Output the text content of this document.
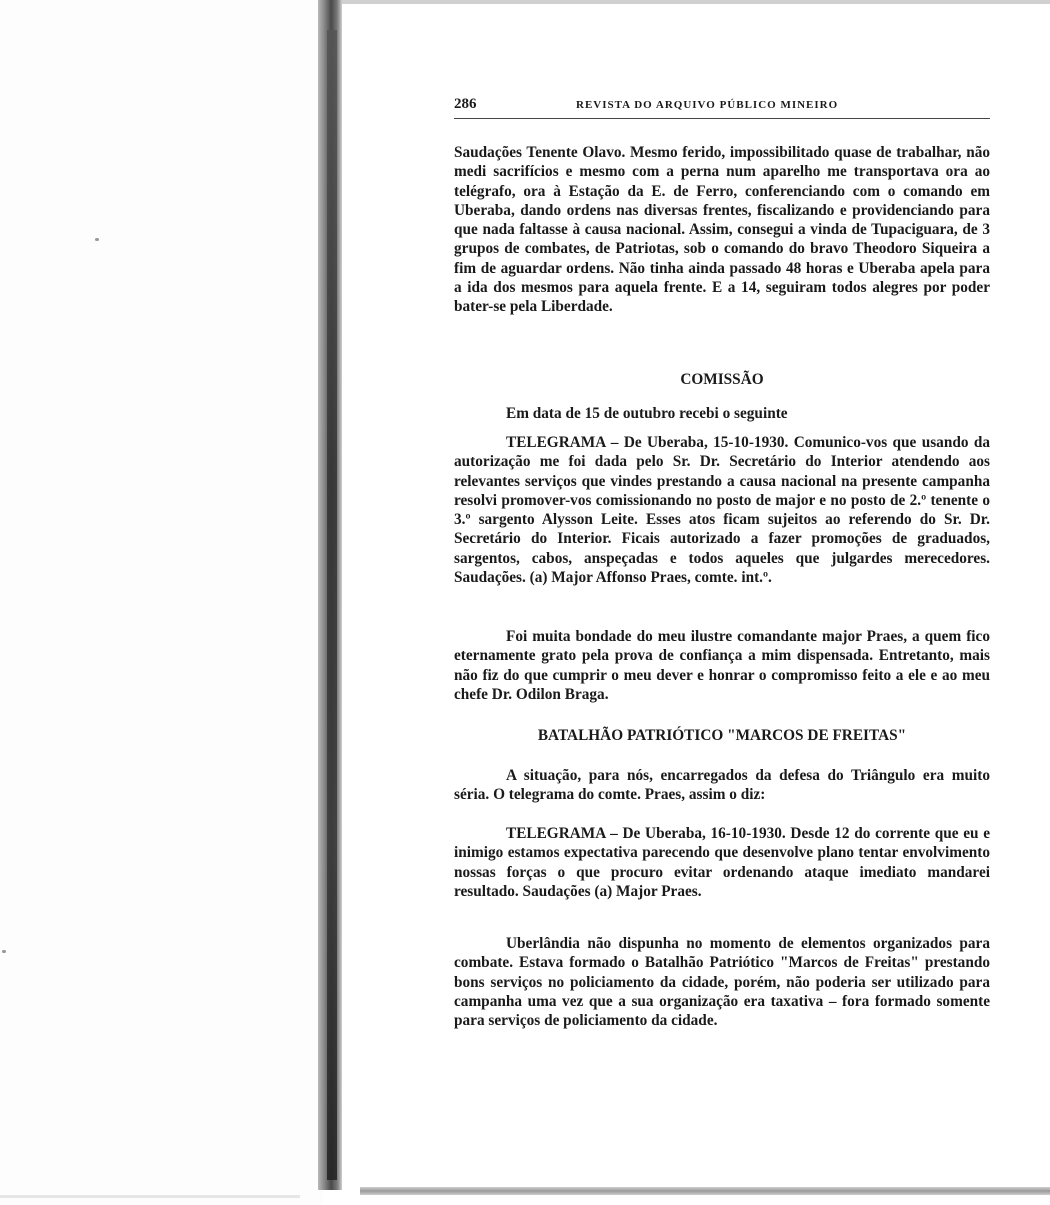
286	REVISTA DO ARQUIVO PÚBLICO MINEIRO

Saudações Tenente Olavo. Mesmo ferido, impossibilitado quase de trabalhar, não medi sacrifícios e mesmo com a perna num aparelho me transportava ora ao telégrafo, ora à Estação da E. de Ferro, conferenciando com o comando em Uberaba, dando ordens nas diversas frentes, fiscalizando e providenciando para que nada faltasse à causa nacional. Assim, consegui a vinda de Tupaciguara, de 3 grupos de combates, de Patriotas, sob o comando do bravo Theodoro Siqueira a fim de aguardar ordens. Não tinha ainda passado 48 horas e Uberaba apela para a ida dos mesmos para aquela frente. E a 14, seguiram todos alegres por poder bater-se pela Liberdade.

COMISSÃO

Em data de 15 de outubro recebi o seguinte

TELEGRAMA – De Uberaba, 15-10-1930. Comunico-vos que usando da autorização me foi dada pelo Sr. Dr. Secretário do Interior atendendo aos relevantes serviços que vindes prestando a causa nacional na presente campanha resolvi promover-vos comissionando no posto de major e no posto de 2.º tenente o 3.º sargento Alysson Leite. Esses atos ficam sujeitos ao referendo do Sr. Dr. Secretário do Interior. Ficais autorizado a fazer promoções de graduados, sargentos, cabos, anspeçadas e todos aqueles que julgardes merecedores. Saudações. (a) Major Affonso Praes, comte. int.º.

Foi muita bondade do meu ilustre comandante major Praes, a quem fico eternamente grato pela prova de confiança a mim dispensada. Entretanto, mais não fiz do que cumprir o meu dever e honrar o compromisso feito a ele e ao meu chefe Dr. Odilon Braga.

BATALHÃO PATRIÓTICO "MARCOS DE FREITAS"

A situação, para nós, encarregados da defesa do Triângulo era muito séria. O telegrama do comte. Praes, assim o diz:

TELEGRAMA – De Uberaba, 16-10-1930. Desde 12 do corrente que eu e inimigo estamos expectativa parecendo que desenvolve plano tentar envolvimento nossas forças o que procuro evitar ordenando ataque imediato mandarei resultado. Saudações (a) Major Praes.

Uberlândia não dispunha no momento de elementos organizados para combate. Estava formado o Batalhão Patriótico "Marcos de Freitas" prestando bons serviços no policiamento da cidade, porém, não poderia ser utilizado para campanha uma vez que a sua organização era taxativa – fora formado somente para serviços de policiamento da cidade.
